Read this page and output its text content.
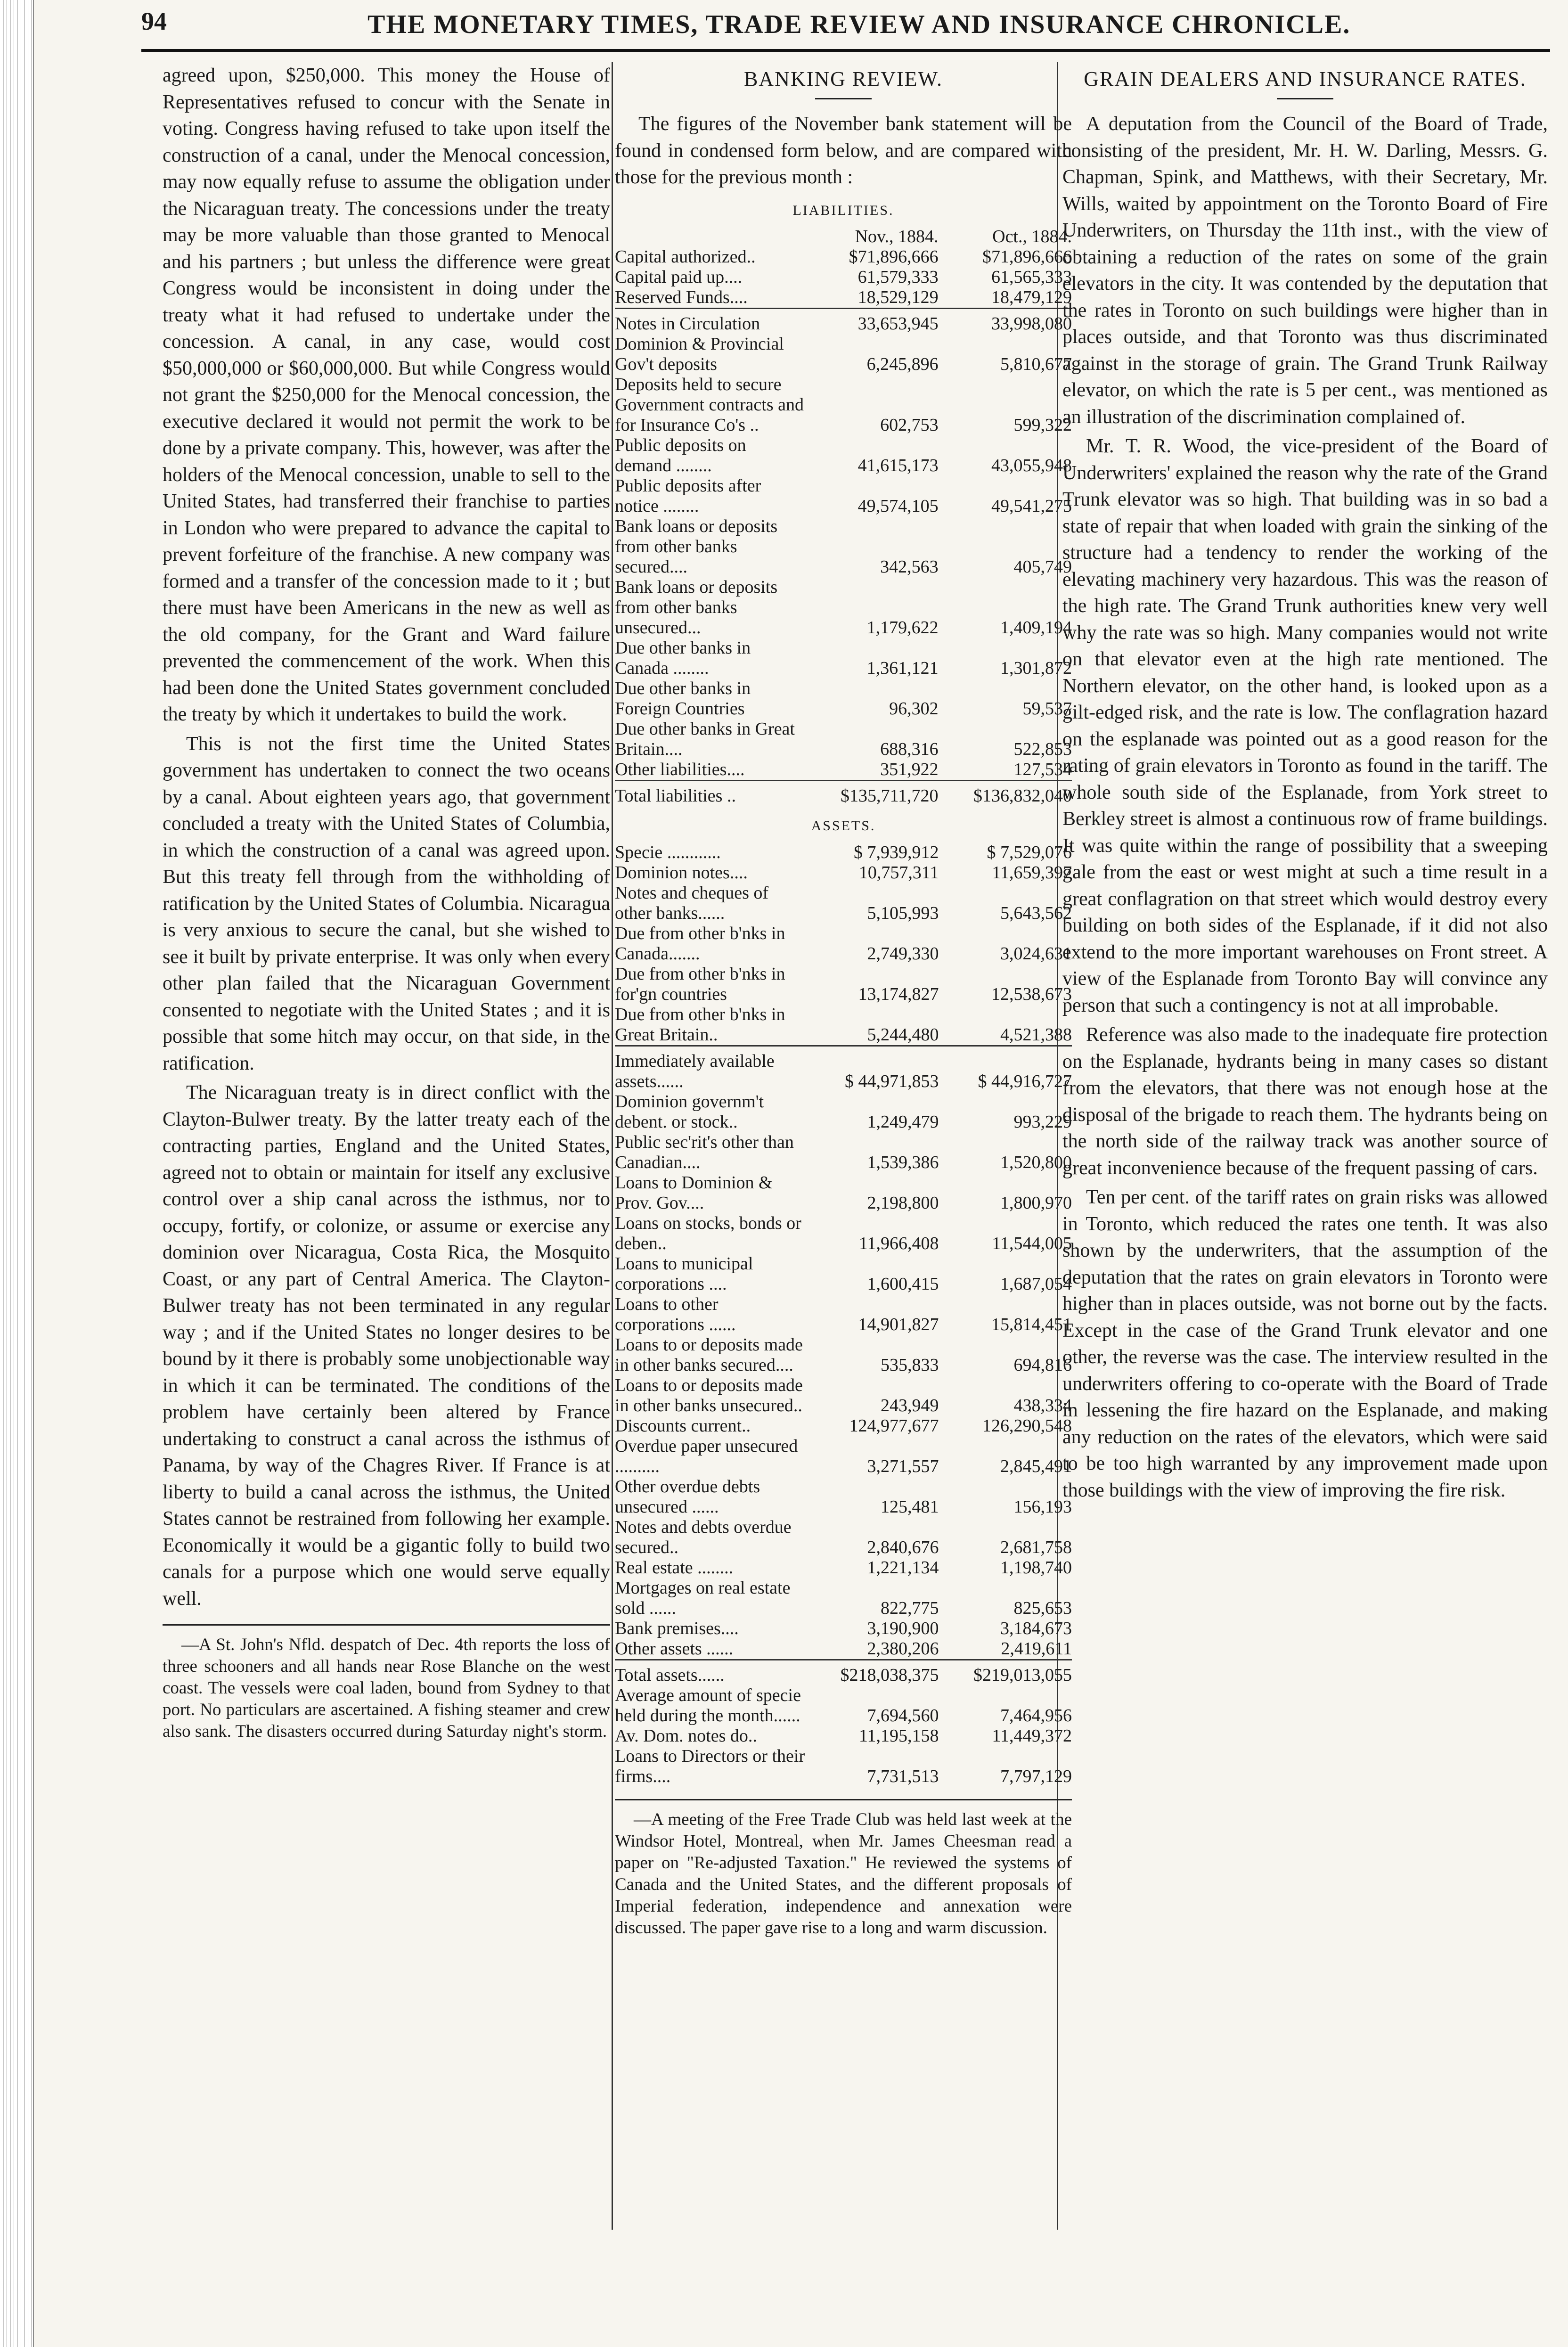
94	THE MONETARY TIMES, TRADE REVIEW AND INSURANCE CHRONICLE.

agreed upon, $250,000. This money the House of Representatives refused to concur with the Senate in voting. Congress having refused to take upon itself the construction of a canal, under the Menocal concession, may now equally refuse to assume the obligation under the Nicaraguan treaty. The concessions under the treaty may be more valuable than those granted to Menocal and his partners ; but unless the difference were great Congress would be inconsistent in doing under the treaty what it had refused to undertake under the concession. A canal, in any case, would cost $50,000,000 or $60,000,000. But while Congress would not grant the $250,000 for the Menocal concession, the executive declared it would not permit the work to be done by a private company. This, however, was after the holders of the Menocal concession, unable to sell to the United States, had transferred their franchise to parties in London who were prepared to advance the capital to prevent forfeiture of the franchise. A new company was formed and a transfer of the concession made to it ; but there must have been Americans in the new as well as the old company, for the Grant and Ward failure prevented the commencement of the work. When this had been done the United States government concluded the treaty by which it undertakes to build the work.

This is not the first time the United States government has undertaken to connect the two oceans by a canal. About eighteen years ago, that government concluded a treaty with the United States of Columbia, in which the construction of a canal was agreed upon. But this treaty fell through from the withholding of ratification by the United States of Columbia. Nicaragua is very anxious to secure the canal, but she wished to see it built by private enterprise. It was only when every other plan failed that the Nicaraguan Government consented to negotiate with the United States ; and it is possible that some hitch may occur, on that side, in the ratification.

The Nicaraguan treaty is in direct conflict with the Clayton-Bulwer treaty. By the latter treaty each of the contracting parties, England and the United States, agreed not to obtain or maintain for itself any exclusive control over a ship canal across the isthmus, nor to occupy, fortify, or colonize, or assume or exercise any dominion over Nicaragua, Costa Rica, the Mosquito Coast, or any part of Central America. The Clayton-Bulwer treaty has not been terminated in any regular way ; and if the United States no longer desires to be bound by it there is probably some unobjectionable way in which it can be terminated. The conditions of the problem have certainly been altered by France undertaking to construct a canal across the isthmus of Panama, by way of the Chagres River. If France is at liberty to build a canal across the isthmus, the United States cannot be restrained from following her example. Economically it would be a gigantic folly to build two canals for a purpose which one would serve equally well.

—A St. John's Nfld. despatch of Dec. 4th reports the loss of three schooners and all hands near Rose Blanche on the west coast. The vessels were coal laden, bound from Sydney to that port. No particulars are ascertained. A fishing steamer and crew also sank. The disasters occurred during Saturday night's storm.

BANKING REVIEW.

The figures of the November bank statement will be found in condensed form below, and are compared with those for the previous month :

LIABILITIES.
	Nov., 1884.	Oct., 1884.
Capital authorized..	$71,896,666	$71,896,666
Capital paid up....	61,579,333	61,565,333
Reserved Funds....	18,529,129	18,479,129

Notes in Circulation	33,653,945	33,998,080
Dominion & Provincial Gov't deposits	6,245,896	5,810,677
Deposits held to secure Government contracts and for Insurance Co's ..	602,753	599,322
Public deposits on demand ........	41,615,173	43,055,948
Public deposits after notice ........	49,574,105	49,541,275
Bank loans or deposits from other banks secured....	342,563	405,749
Bank loans or deposits from other banks unsecured...	1,179,622	1,409,194
Due other banks in Canada ........	1,361,121	1,301,872
Due other banks in Foreign Countries	96,302	59,537
Due other banks in Great Britain....	688,316	522,853
Other liabilities....	351,922	127,534

Total liabilities ..	$135,711,720	$136,832,040
ASSETS.
Specie ............	$ 7,939,912	$ 7,529,076
Dominion notes....	10,757,311	11,659,397
Notes and cheques of other banks......	5,105,993	5,643,562
Due from other b'nks in Canada.......	2,749,330	3,024,631
Due from other b'nks in for'gn countries	13,174,827	12,538,673
Due from other b'nks in Great Britain..	5,244,480	4,521,388

Immediately available assets......	$ 44,971,853	$ 44,916,727
Dominion governm't debent. or stock..	1,249,479	993,229
Public sec'rit's other than Canadian....	1,539,386	1,520,800
Loans to Dominion & Prov. Gov....	2,198,800	1,800,970
Loans on stocks, bonds or deben..	11,966,408	11,544,005
Loans to municipal corporations ....	1,600,415	1,687,054
Loans to other corporations ......	14,901,827	15,814,451
Loans to or deposits made in other banks secured....	535,833	694,816
Loans to or deposits made in other banks unsecured..	243,949	438,334
Discounts current..	124,977,677	126,290,548
Overdue paper unsecured ..........	3,271,557	2,845,491
Other overdue debts unsecured ......	125,481	156,193
Notes and debts overdue secured..	2,840,676	2,681,758
Real estate ........	1,221,134	1,198,740
Mortgages on real estate sold ......	822,775	825,653
Bank premises....	3,190,900	3,184,673
Other assets ......	2,380,206	2,419,611

Total assets......	$218,038,375	$219,013,055
Average amount of specie held during the month......	7,694,560	7,464,956
Av. Dom. notes do..	11,195,158	11,449,372
Loans to Directors or their firms....	7,731,513	7,797,129

—A meeting of the Free Trade Club was held last week at the Windsor Hotel, Montreal, when Mr. James Cheesman read a paper on "Re-adjusted Taxation." He reviewed the systems of Canada and the United States, and the different proposals of Imperial federation, independence and annexation were discussed. The paper gave rise to a long and warm discussion.

GRAIN DEALERS AND INSURANCE RATES.

A deputation from the Council of the Board of Trade, consisting of the president, Mr. H. W. Darling, Messrs. G. Chapman, Spink, and Matthews, with their Secretary, Mr. Wills, waited by appointment on the Toronto Board of Fire Underwriters, on Thursday the 11th inst., with the view of obtaining a reduction of the rates on some of the grain elevators in the city. It was contended by the deputation that the rates in Toronto on such buildings were higher than in places outside, and that Toronto was thus discriminated against in the storage of grain. The Grand Trunk Railway elevator, on which the rate is 5 per cent., was mentioned as an illustration of the discrimination complained of.

Mr. T. R. Wood, the vice-president of the Board of Underwriters' explained the reason why the rate of the Grand Trunk elevator was so high. That building was in so bad a state of repair that when loaded with grain the sinking of the structure had a tendency to render the working of the elevating machinery very hazardous. This was the reason of the high rate. The Grand Trunk authorities knew very well why the rate was so high. Many companies would not write on that elevator even at the high rate mentioned. The Northern elevator, on the other hand, is looked upon as a gilt-edged risk, and the rate is low. The conflagration hazard on the esplanade was pointed out as a good reason for the rating of grain elevators in Toronto as found in the tariff. The whole south side of the Esplanade, from York street to Berkley street is almost a continuous row of frame buildings. It was quite within the range of possibility that a sweeping gale from the east or west might at such a time result in a great conflagration on that street which would destroy every building on both sides of the Esplanade, if it did not also extend to the more important warehouses on Front street. A view of the Esplanade from Toronto Bay will convince any person that such a contingency is not at all improbable.

Reference was also made to the inadequate fire protection on the Esplanade, hydrants being in many cases so distant from the elevators, that there was not enough hose at the disposal of the brigade to reach them. The hydrants being on the north side of the railway track was another source of great inconvenience because of the frequent passing of cars.

Ten per cent. of the tariff rates on grain risks was allowed in Toronto, which reduced the rates one tenth. It was also shown by the underwriters, that the assumption of the deputation that the rates on grain elevators in Toronto were higher than in places outside, was not borne out by the facts. Except in the case of the Grand Trunk elevator and one other, the reverse was the case. The interview resulted in the underwriters offering to co-operate with the Board of Trade in lessening the fire hazard on the Esplanade, and making any reduction on the rates of the elevators, which were said to be too high warranted by any improvement made upon those buildings with the view of improving the fire risk.
